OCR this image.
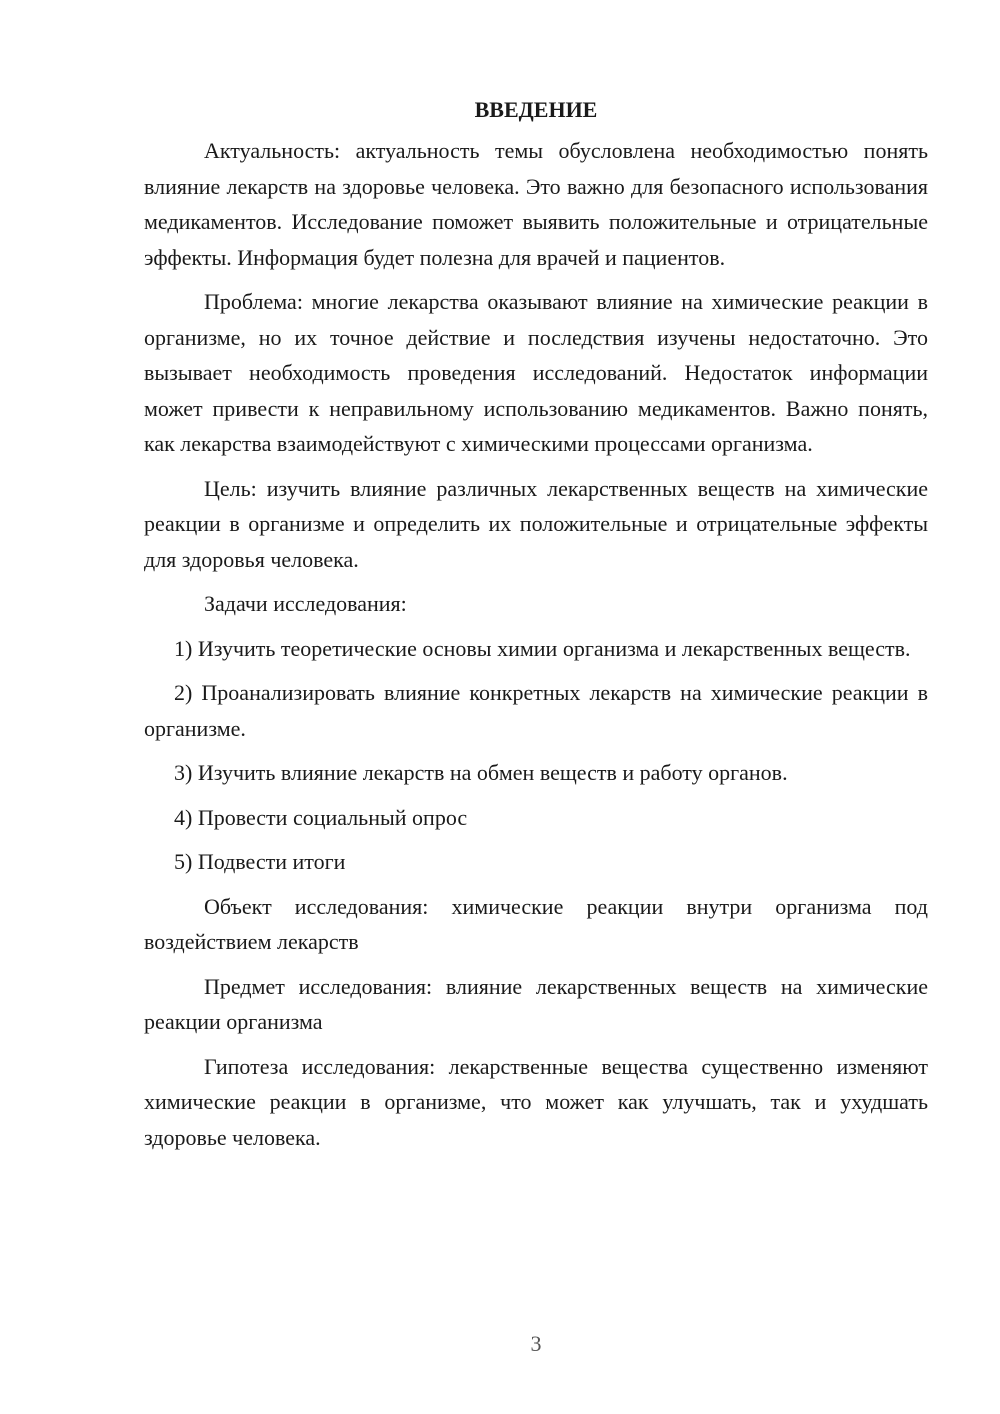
ВВЕДЕНИЕ

Актуальность: актуальность темы обусловлена необходимостью понять влияние лекарств на здоровье человека. Это важно для безопасного использования медикаментов. Исследование поможет выявить положительные и отрицательные эффекты. Информация будет полезна для врачей и пациентов.

Проблема: многие лекарства оказывают влияние на химические реакции в организме, но их точное действие и последствия изучены недостаточно. Это вызывает необходимость проведения исследований. Недостаток информации может привести к неправильному использованию медикаментов. Важно понять, как лекарства взаимодействуют с химическими процессами организма.

Цель: изучить влияние различных лекарственных веществ на химические реакции в организме и определить их положительные и отрицательные эффекты для здоровья человека.

Задачи исследования:

1) Изучить теоретические основы химии организма и лекарственных веществ.

2) Проанализировать влияние конкретных лекарств на химические реакции в организме.

3) Изучить влияние лекарств на обмен веществ и работу органов.

4) Провести социальный опрос

5) Подвести итоги

Объект исследования: химические реакции внутри организма под воздействием лекарств

Предмет исследования: влияние лекарственных веществ на химические реакции организма

Гипотеза исследования: лекарственные вещества существенно изменяют химические реакции в организме, что может как улучшать, так и ухудшать здоровье человека.

3
